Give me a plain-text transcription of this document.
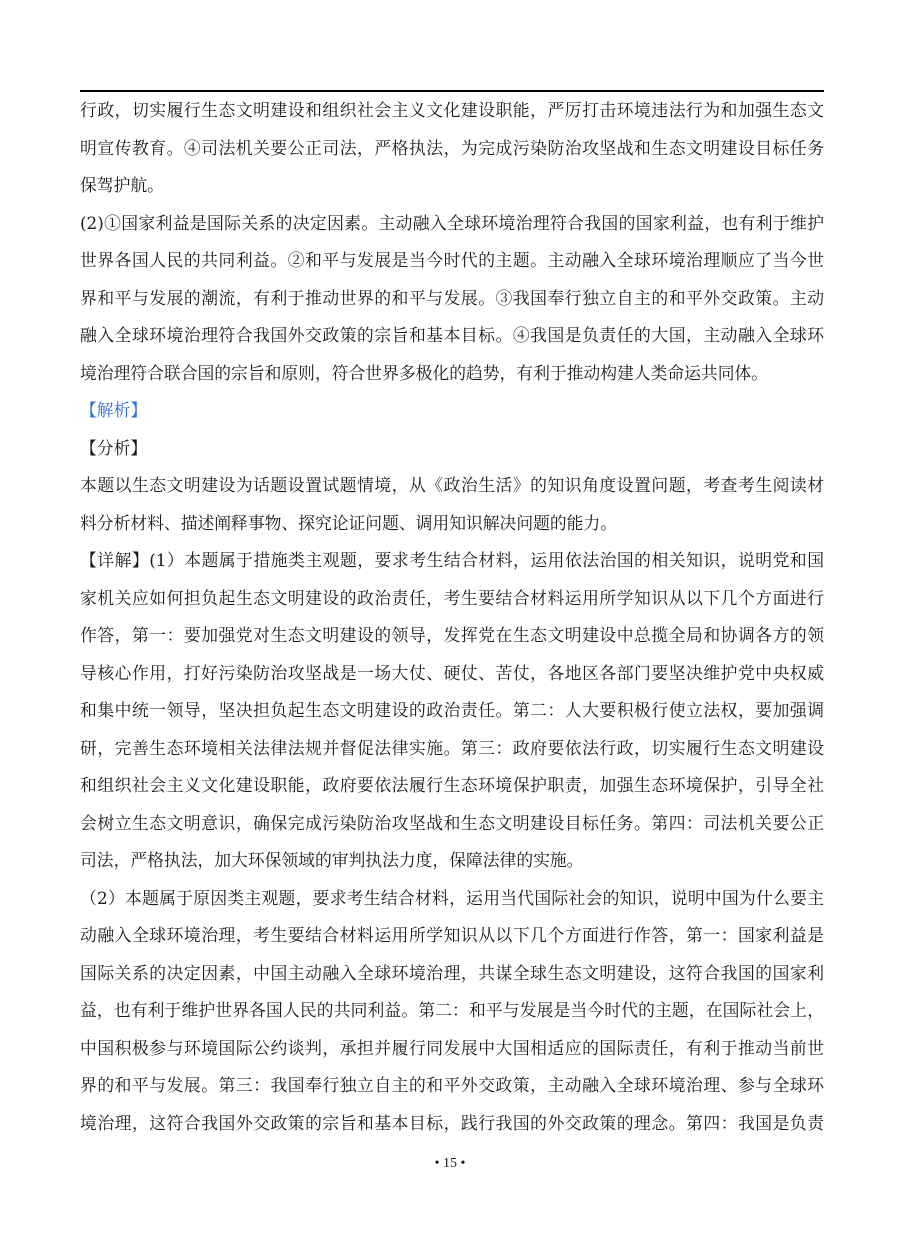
行政，切实履行生态文明建设和组织社会主义文化建设职能，严厉打击环境违法行为和加强生态文
明宣传教育。④司法机关要公正司法，严格执法，为完成污染防治攻坚战和生态文明建设目标任务
保驾护航。
(2)①国家利益是国际关系的决定因素。主动融入全球环境治理符合我国的国家利益，也有利于维护
世界各国人民的共同利益。②和平与发展是当今时代的主题。主动融入全球环境治理顺应了当今世
界和平与发展的潮流，有利于推动世界的和平与发展。③我国奉行独立自主的和平外交政策。主动
融入全球环境治理符合我国外交政策的宗旨和基本目标。④我国是负责任的大国，主动融入全球环
境治理符合联合国的宗旨和原则，符合世界多极化的趋势，有利于推动构建人类命运共同体。
【解析】
【分析】
本题以生态文明建设为话题设置试题情境，从《政治生活》的知识角度设置问题，考查考生阅读材
料分析材料、描述阐释事物、探究论证问题、调用知识解决问题的能力。
【详解】(1）本题属于措施类主观题，要求考生结合材料，运用依法治国的相关知识，说明党和国
家机关应如何担负起生态文明建设的政治责任，考生要结合材料运用所学知识从以下几个方面进行
作答，第一：要加强党对生态文明建设的领导，发挥党在生态文明建设中总揽全局和协调各方的领
导核心作用，打好污染防治攻坚战是一场大仗、硬仗、苦仗，各地区各部门要坚决维护党中央权威
和集中统一领导，坚决担负起生态文明建设的政治责任。第二：人大要积极行使立法权，要加强调
研，完善生态环境相关法律法规并督促法律实施。第三：政府要依法行政，切实履行生态文明建设
和组织社会主义文化建设职能，政府要依法履行生态环境保护职责，加强生态环境保护，引导全社
会树立生态文明意识，确保完成污染防治攻坚战和生态文明建设目标任务。第四：司法机关要公正
司法，严格执法，加大环保领域的审判执法力度，保障法律的实施。
（2）本题属于原因类主观题，要求考生结合材料，运用当代国际社会的知识，说明中国为什么要主
动融入全球环境治理，考生要结合材料运用所学知识从以下几个方面进行作答，第一：国家利益是
国际关系的决定因素，中国主动融入全球环境治理，共谋全球生态文明建设，这符合我国的国家利
益，也有利于维护世界各国人民的共同利益。第二：和平与发展是当今时代的主题，在国际社会上，
中国积极参与环境国际公约谈判，承担并履行同发展中大国相适应的国际责任，有利于推动当前世
界的和平与发展。第三：我国奉行独立自主的和平外交政策，主动融入全球环境治理、参与全球环
境治理，这符合我国外交政策的宗旨和基本目标，践行我国的外交政策的理念。第四：我国是负责
• 15 •
